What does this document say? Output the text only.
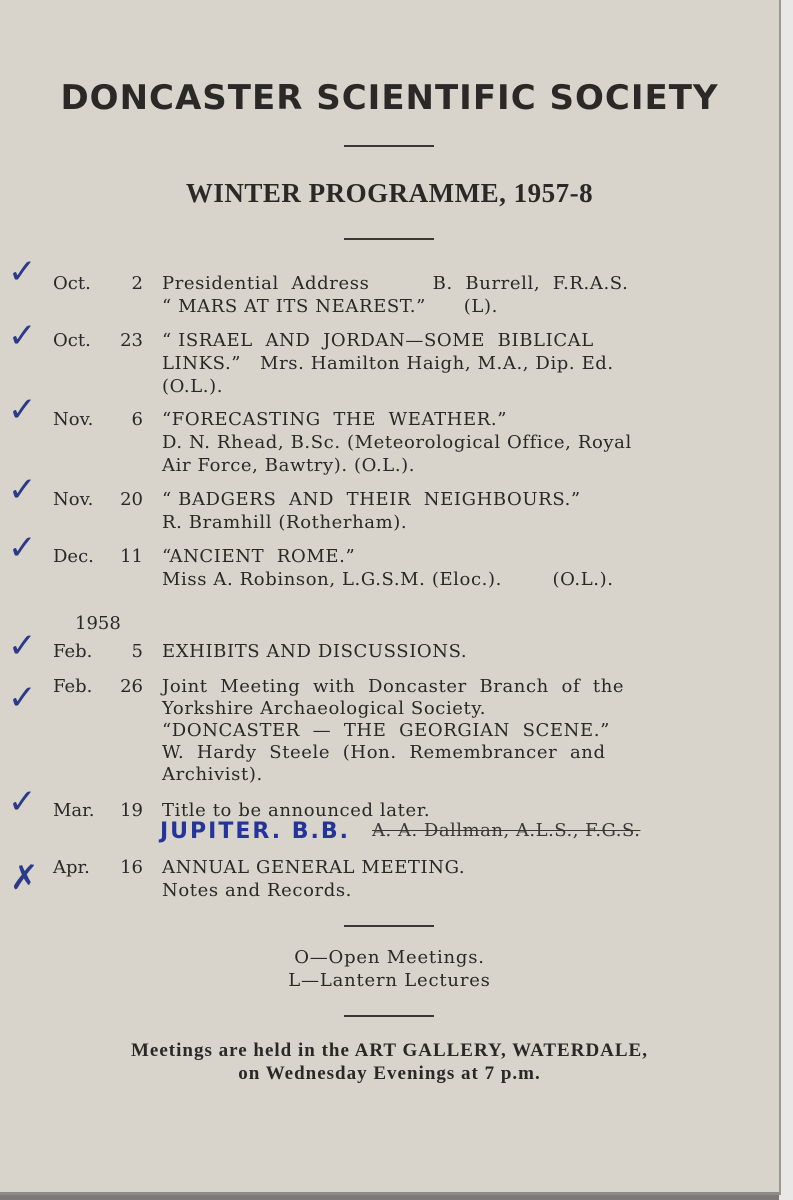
DONCASTER SCIENTIFIC SOCIETY
WINTER PROGRAMME, 1957-8
✓ Oct. 2 Presidential  Address          B.  Burrell,  F.R.A.S.
“ MARS AT ITS NEAREST.”      (L).
✓ Oct. 23 “ ISRAEL  AND  JORDAN—SOME  BIBLICAL
LINKS.”   Mrs. Hamilton Haigh, M.A., Dip. Ed.
(O.L.).
✓ Nov. 6 “FORECASTING  THE  WEATHER.”
D. N. Rhead, B.Sc. (Meteorological Office, Royal
Air Force, Bawtry). (O.L.).
✓ Nov. 20 “ BADGERS  AND  THEIR  NEIGHBOURS.”
R. Bramhill (Rotherham).
✓ Dec. 11 “ANCIENT  ROME.”
Miss A. Robinson, L.G.S.M. (Eloc.).        (O.L.).
1958
✓ Feb. 5 EXHIBITS AND DISCUSSIONS.
✓ Feb. 26 Joint  Meeting  with  Doncaster  Branch  of  the
Yorkshire Archaeological Society.
“DONCASTER  —  THE  GEORGIAN  SCENE.”
W.  Hardy  Steele  (Hon.  Remembrancer  and
Archivist).
✓ Mar. 19 Title to be announced later.
JUPITER. B.B. A. A. Dallman, A.L.S., F.G.S.
✗ Apr. 16 ANNUAL GENERAL MEETING.
Notes and Records.
O—Open Meetings.
L—Lantern Lectures
Meetings are held in the ART GALLERY, WATERDALE,
on Wednesday Evenings at 7 p.m.
